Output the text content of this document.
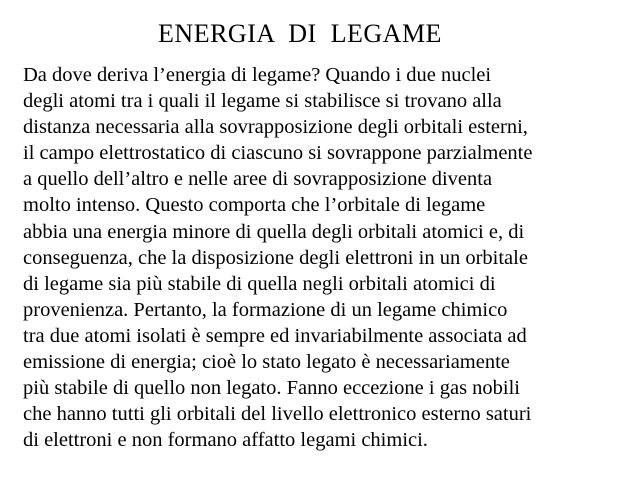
ENERGIA  DI  LEGAME
Da dove deriva l’energia di legame? Quando i due nuclei
degli atomi tra i quali il legame si stabilisce si trovano alla
distanza necessaria alla sovrapposizione degli orbitali esterni,
il campo elettrostatico di ciascuno si sovrappone parzialmente
a quello dell’altro e nelle aree di sovrapposizione diventa
molto intenso. Questo comporta che l’orbitale di legame
abbia una energia minore di quella degli orbitali atomici e, di
conseguenza, che la disposizione degli elettroni in un orbitale
di legame sia più stabile di quella negli orbitali atomici di
provenienza. Pertanto, la formazione di un legame chimico
tra due atomi isolati è sempre ed invariabilmente associata ad
emissione di energia; cioè lo stato legato è necessariamente
più stabile di quello non legato. Fanno eccezione i gas nobili
che hanno tutti gli orbitali del livello elettronico esterno saturi
di elettroni e non formano affatto legami chimici.
